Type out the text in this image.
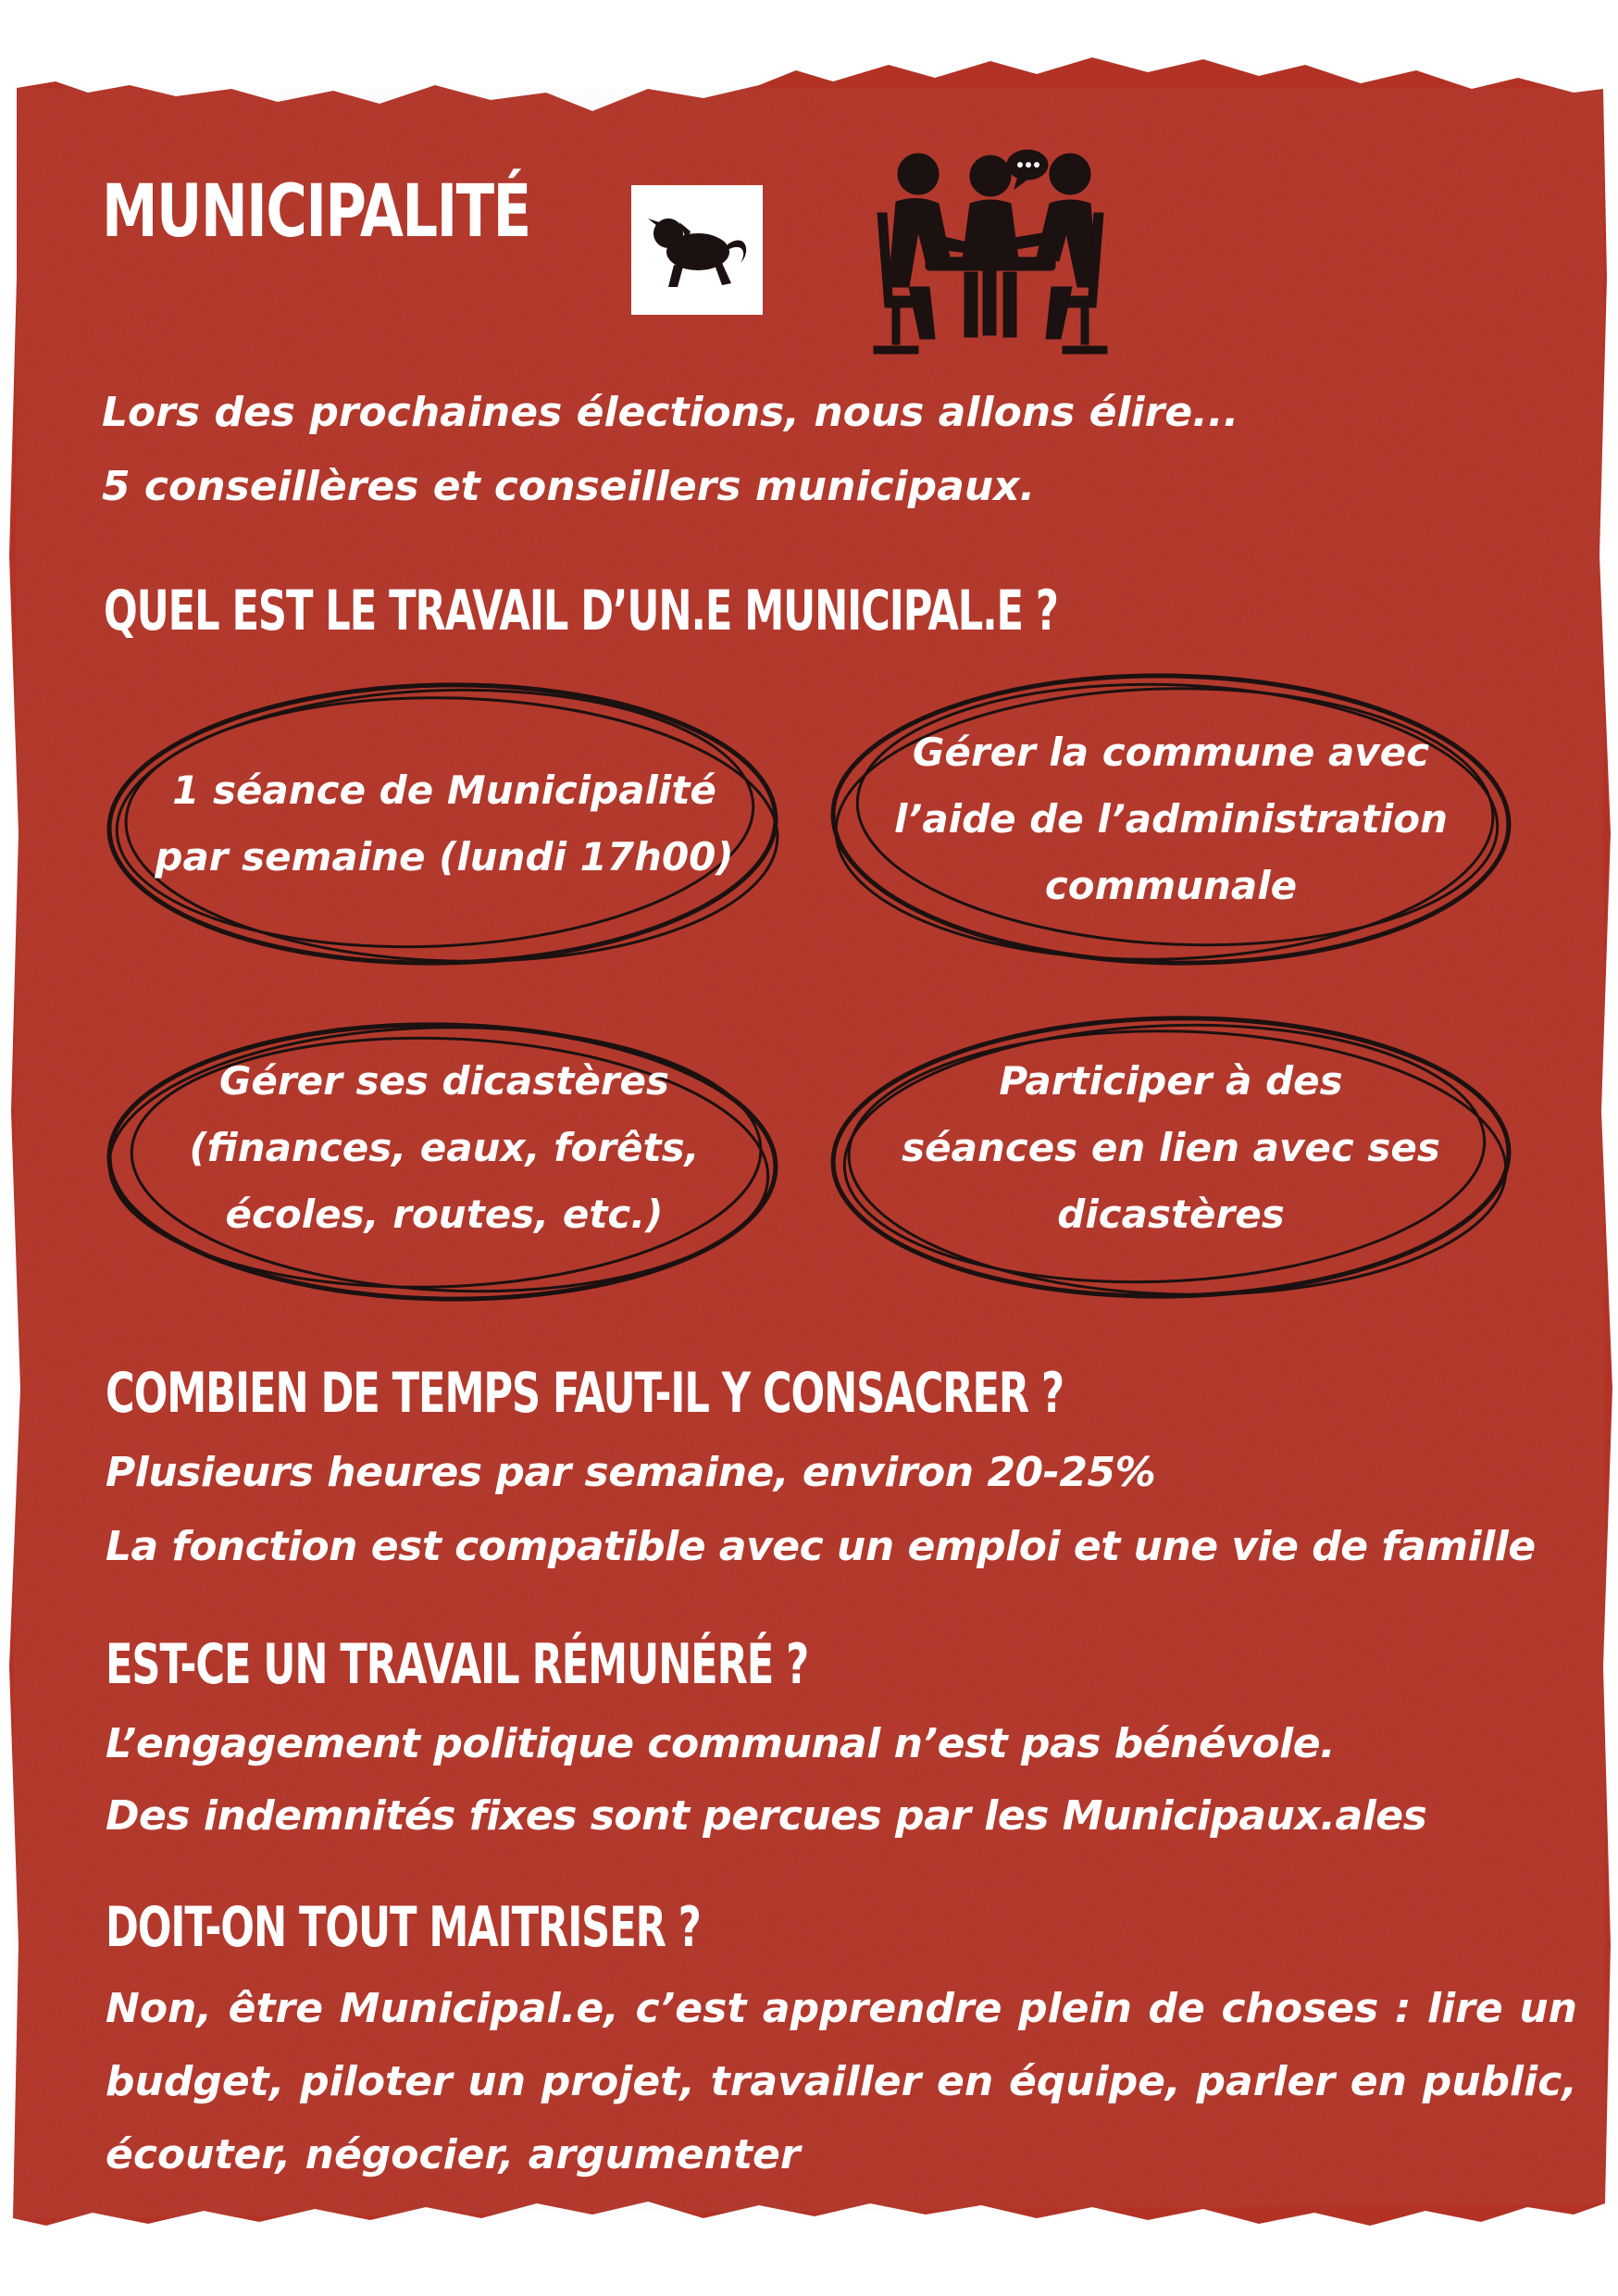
MUNICIPALITÉ
Lors des prochaines élections, nous allons élire...
5 conseillères et conseillers municipaux.
QUEL EST LE TRAVAIL D’UN.E MUNICIPAL.E ?
1 séance de Municipalité
par semaine (lundi 17h00)
Gérer la commune avec
l’aide de l’administration
communale
Gérer ses dicastères
(finances, eaux, forêts,
écoles, routes, etc.)
Participer à des
séances en lien avec ses
dicastères
COMBIEN DE TEMPS FAUT-IL Y CONSACRER ?
Plusieurs heures par semaine, environ 20-25%
La fonction est compatible avec un emploi et une vie de famille
EST-CE UN TRAVAIL RÉMUNÉRÉ ?
L’engagement politique communal n’est pas bénévole.
Des indemnités fixes sont percues par les Municipaux.ales
DOIT-ON TOUT MAITRISER ?
Non, être Municipal.e, c’est apprendre plein de choses : lire un budget, piloter un projet, travailler en équipe, parler en public, écouter, négocier, argumenter
